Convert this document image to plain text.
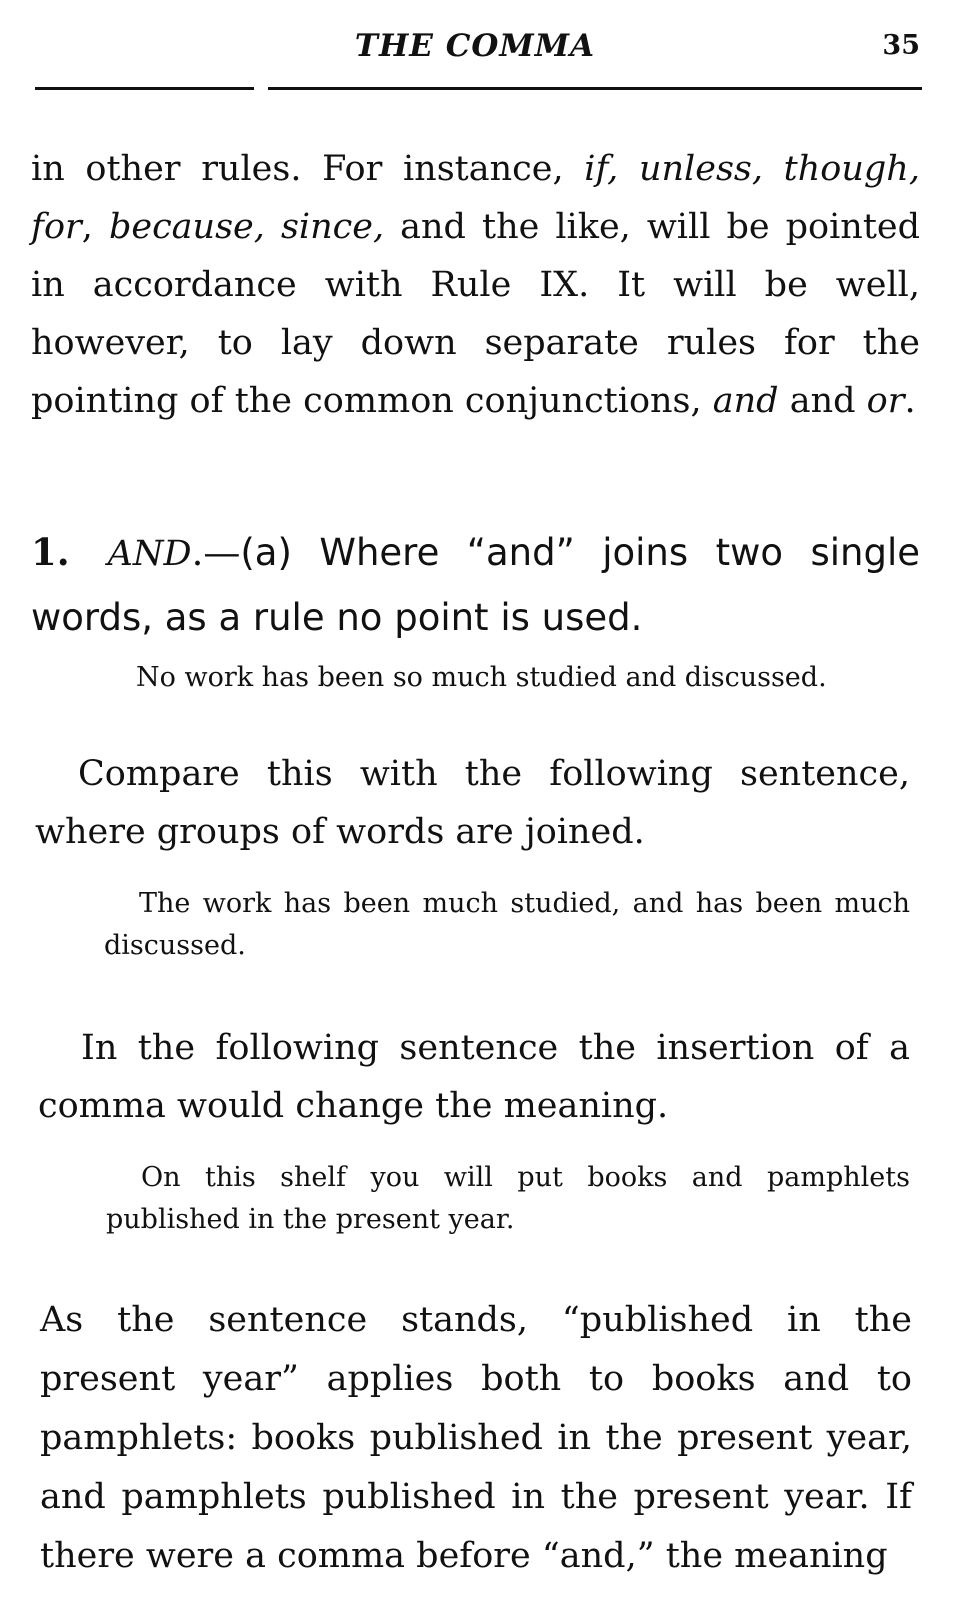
THE COMMA	35

in other rules. For instance, if, unless, though, for, because, since, and the like, will be pointed in accordance with Rule IX. It will be well, however, to lay down separate rules for the pointing of the common conjunctions, and and or.

1. AND.—(a) Where “and” joins two single words, as a rule no point is used.

No work has been so much studied and discussed.

Compare this with the following sentence, where groups of words are joined.

The work has been much studied, and has been much discussed.

In the following sentence the insertion of a comma would change the meaning.

On this shelf you will put books and pamphlets published in the present year.

As the sentence stands, “published in the present year” applies both to books and to pamphlets: books published in the present year, and pamphlets published in the present year. If there were a comma before “and,” the meaning
